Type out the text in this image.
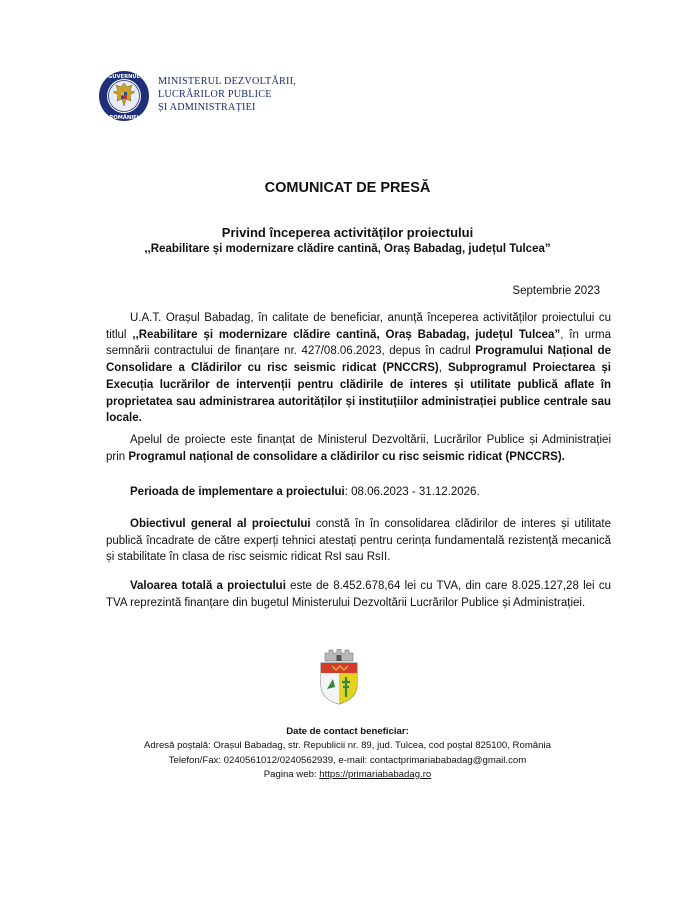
GUVERNUL
ROMÂNIEI
MINISTERUL DEZVOLTĂRII,
LUCRĂRILOR PUBLICE
ȘI ADMINISTRAȚIEI
COMUNICAT DE PRESĂ
Privind începerea activităților proiectului
,,Reabilitare și modernizare clădire cantină, Oraș Babadag, județul Tulcea”
Septembrie 2023

U.A.T. Orașul Babadag, în calitate de beneficiar, anunță începerea activităților proiectului cu titlul ,,Reabilitare și modernizare clădire cantină, Oraș Babadag, județul Tulcea”, în urma semnării contractului de finanțare nr. 427/08.06.2023, depus în cadrul Programului Național de Consolidare a Clădirilor cu risc seismic ridicat (PNCCRS), Subprogramul Proiectarea și Execuția lucrărilor de intervenții pentru clădirile de interes și utilitate publică aflate în proprietatea sau administrarea autorităților și instituțiilor administrației publice centrale sau locale.

Apelul de proiecte este finanțat de Ministerul Dezvoltării, Lucrărilor Publice și Administrației prin Programul național de consolidare a clădirilor cu risc seismic ridicat (PNCCRS).

Perioada de implementare a proiectului: 08.06.2023 - 31.12.2026.

Obiectivul general al proiectului constă în în consolidarea clădirilor de interes și utilitate publică încadrate de către experți tehnici atestați pentru cerința fundamentală rezistență mecanică și stabilitate în clasa de risc seismic ridicat RsI sau RsII.

Valoarea totală a proiectului este de 8.452.678,64 lei cu TVA, din care 8.025.127,28 lei cu TVA reprezintă finanțare din bugetul Ministerului Dezvoltării Lucrărilor Publice și Administrației.

Date de contact beneficiar:
Adresă poștală: Orașul Babadag, str. Republicii nr. 89, jud. Tulcea, cod poștal 825100, România
Telefon/Fax: 0240561012/0240562939, e-mail: contactprimariababadag@gmail.com
Pagina web: https://primariababadag.ro
